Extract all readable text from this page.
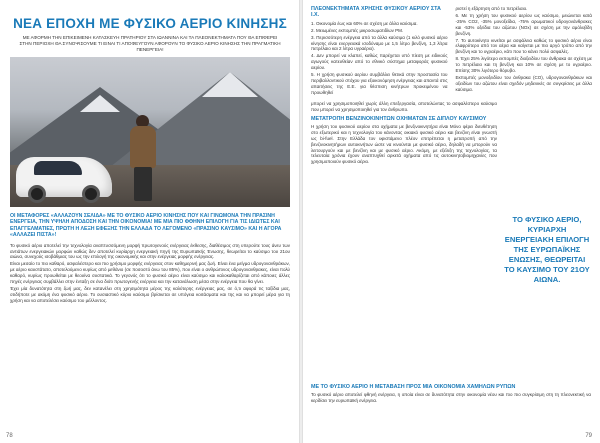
ΝΕΑ ΕΠΟΧΗ ΜΕ ΦΥΣΙΚΟ ΑΕΡΙΟ ΚΙΝΗΣΗΣ
ΜΕ ΑΦΟΡΜΗ ΤΗΝ ΕΠΙΚΕΙΜΕΝΗ ΚΑΤΑΣΚΕΥΗ ΠΡΑΤΗΡΙΟΥ ΣΤΑ ΙΩΑΝΝΙΝΑ ΚΑΙ ΤΑ ΠΛΕΟΝΕΚΤΗΜΑΤΑ ΠΟΥ ΘΑ ΕΠΙΦΕΡΕΙ ΣΤΗΝ ΠΕΡΙΟΧΗ ΘΑ ΣΥΝΟΨΙΣΟΥΜΕ ΤΙ ΕΙΝΑΙ ΤΙ ΑΠΟΦΕΥΓΟΥΝ ΑΦΟΡΟΥΝ ΤΟ ΦΥΣΙΚΟ ΑΕΡΙΟ ΚΙΝΗΣΗΣ ΤΗΝ ΠΡΑΓΜΑΤΙΚΗ ΠΕΝΕΡΓΕΙΑ!
ΟΙ ΜΕΤΑΦΟΡΕΣ «ΑΛΛΑΖΟΥΝ ΣΕΛΙΔΑ» ΜΕ ΤΟ ΦΥΣΙΚΟ ΑΕΡΙΟ ΚΙΝΗΣΗΣ ΠΟΥ ΚΑΙ ΓΙΝΩΜΟΝΑ ΤΗΝ ΠΡΑΣΙΝΗ ΕΝΕΡΓΕΙΑ, ΤΗΝ ΥΨΗΛΗ ΑΠΟΔΟΣΗ ΚΑΙ ΤΗΝ ΟΙΚΟΝΟΜΙΑ! ΜΕ ΜΙΑ ΠΙΟ ΦΘΗΝΗ ΕΠΙΛΟΓΗ ΓΙΑ ΤΙΣ ΙΔΙΩΤΕΣ ΚΑΙ ΕΠΑΓΓΕΛΜΑΤΙΕΣ, ΠΡΩΤΗ Η ΛΕΞΗ ΕΦΕΞΗΣ ΤΗΝ ΕΛΛΑΔΑ ΤΟ ΛΕΓΟΜΕΝΟ «ΠΡΑΣΙΝΟ ΚΑΥΣΙΜΟ» ΚΑΙ Η ΑΓΟΡΑ «ΑΛΛΑΖΕΙ ΠΙΣΤΑ»!

Το φυσικό αέριο αποτελεί την τεχνολογία αναπτυσσόμενη μορφή πρωτογενούς ενέργειας έκθεσης, διαθέσιμος στη υπερούτε τους άνευ των αντιάτων ενεργειακών μορφών καθώς δεν αποτελεί κυρίαρχη ενεργειακή πηγή της Ευρωπαϊκής Ένωσης, θεωρείται το καύσιμο του 21ου αιώνα, συνεχούς ισοβάθμιας του ως την επιλογή της οικονομικής και στην ενέργειας μορφής ενέργειας.

Είναι μεσαίο το πιο καθαρό, ασφαλέστερο και πιο χρήσιμο μορφής ενέργειας στον καθημερινή μας ζωή. Είναι ένα μείγμα υδρογονανθράκων, με αέριο καυστάτατο, αποτελούμενο κυρίως από μεθάνιο (σε ποσοστό άνω του 85%), που είναι ο ανθρώπινος υδρογονανθρακες, είναι πολύ καθαρό, κυρίως προωθείται με θεουίνα συστατικά. Το γεγονός ότι το φυσικό αέριο είναι καύσιμο και καλοκαθαρίζεται από κάποιες άλλες πηγές ενέργειας συμβάλλει στην ένταξη σε ένα διότι πρωτογενής ενέργεια και την κατανάλωση μέσα στην ενέργεια που θα γίνει.

Έχει μία δυνατότητα στη ζωή μας, δεν κατανέλει στη χρησιμότητα μέρος της καλύτερης ενέργειας μας, σε ό,τι αφορά τις ταξίδια μας, οτιδήποτε με ακόμη ένα φυσικό αέριο. Το ουσιαστικό κύριο καύσιμο βρίσκεται σε υπόγεια κοιτάσματα και της και να μπορεί μέρα για τη χρήση και να αποτελέσει καύσιμο του μέλλοντος.

78
ΠΛΕΟΝΕΚΤΗΜΑΤΑ ΧΡΗΣΗΣ ΦΥΣΙΚΟΥ ΑΕΡΙΟΥ ΣΤΑ Ι.Χ.
1. Οικονομία έως και 60% σε σχέση με άλλα καύσιμα.
2. Μειωμένες εκπομπές μικροσωματιδίων PM.
3. Περισσότερη ενέργεια από τα άλλα καύσιμα (1 κιλό φυσικό αέριο κίνησης είναι ενεργειακά ισοδύναμο με 1,5 λίτρο βενζίνη, 1,3 λίτρα πετρέλαιο και 2 λίτρα υγραέριο).
4. Δεν μπορεί να κλαπεί, καθώς παρέχεται υπό πίεση με ειδικούς αγωγούς κατευθείαν από το εθνικό σύστημα μεταφοράς φυσικού αερίου.
5. Η χρήση φυσικού αερίου συμβάλλει θετικά στην προστασία του περιβαλλοντικού στόχου για εξοικονόμηση ενέργειας και απαντά στις απαιτήσεις της Ε.Ε. για θέσπιση κινήτρων προκειμένου να προωθηθεί
ριστεί η εξάρτηση από το πετρέλαιο.
6. Με τη χρήση του φυσικού αερίου ως καύσιμο, μειώνεται κατά -25% CO2, -35% μονοξείδια, -75% αρωματικοί υδρογονάνθρακες και -53% οξείδια του αζώτου (NOx) σε σχέση με την αμόλυβδη βενζίνη.
7. Το αυτοκίνητο κινείται με ασφάλεια καθώς το φυσικό αέριο είναι ελαφρύτερο από τον αέρα και καίγεται με πιο αργό τρόπο από την βενζίνη και το υγραέριο, κάτι που το κάνει πολύ ασφαλές.
8. Έχει 25% λιγότερο εκπομπές διοξειδίου του άνθρακα σε σχέση με το πετρέλαιο και τη βενζίνη και 10% σε σχέση με το υγραέριο. Επίσης 30% λιγότερο θόρυβο.
Εκπομπές μονοξειδίου του άνθρακα (CO), υδρογονανθράκων και οξειδίων του αζώτου είναι σχεδόν μηδενικές σε συγκρίσεις με άλλα καύσιμα.
μπορεί να χρησιμοποιηθεί χωρίς άλλη επεξεργασία, αποτελώντας το ασφαλέστερο καύσιμο που μπορεί να χρησιμοποιηθεί για τον άνθρωπο.
ΜΕΤΑΤΡΟΠΗ ΒΕΝΖΙΝΟΚΙΝΗΤΩΝ ΟΧΗΜΑΤΩΝ ΣΕ ΔΙΠΛΟΥ ΚΑΥΣΙΜΟΥ
Η χρήση του φυσικού αερίου στα οχήματα με βενζινοκινητήρα είναι Mόνο φέρει διευθέτηση στο εξωτερικό και η τεχνολογία του κάνοντας οικιακό φυσικό αέριο και βενζίνη είναι γνωστή ως bi-fuel. Στην Ελλάδα τον υφιστάμενο πλέον επιτρέπεται η μετατροπή από την βενζινοκινητήρων αυτοκινήτων ώστε να κινούνται με φυσικό αέριο, δηλαδή να μπορούν να λειτουργούν και με βενζίνη και με φυσικό αέριο. Ακόμη, με εξέλιξη της τεχνολογίας, τα τελευταία χρόνια έχουν αναπτυχθεί αρκετά οχήματα από τις αυτοκινητοβιομηχανίες που χρησιμοποιούν φυσικό αέριο.
ΤΟ ΦΥΣΙΚΟ ΑΕΡΙΟ, ΚΥΡΙΑΡΧΗ ΕΝΕΡΓΕΙΑΚΗ ΕΠΙΛΟΓΗ ΤΗΣ ΕΥΡΩΠΑΪΚΗΣ ΕΝΩΣΗΣ, ΘΕΩΡΕΙΤΑΙ ΤΟ ΚΑΥΣΙΜΟ ΤΟΥ 21ΟΥ ΑΙΩΝΑ.
ΜΕ ΤΟ ΦΥΣΙΚΟ ΑΕΡΙΟ Η ΜΕΤΑΒΑΣΗ ΠΡΟΣ ΜΙΑ ΟΙΚΟΝΟΜΙΑ ΧΑΜΗΛΩΝ ΡΥΠΩΝ
Το φυσικό αέριο αποτελεί φθηνή ενέργεια, η οποία είναι σε δυνατότητα στην οικονομία νέου και πιο πιο συγκρίσιμη στη τη πλεονεκτική να κερδίσει την ευρωπαϊκή ενέργεια.
79
